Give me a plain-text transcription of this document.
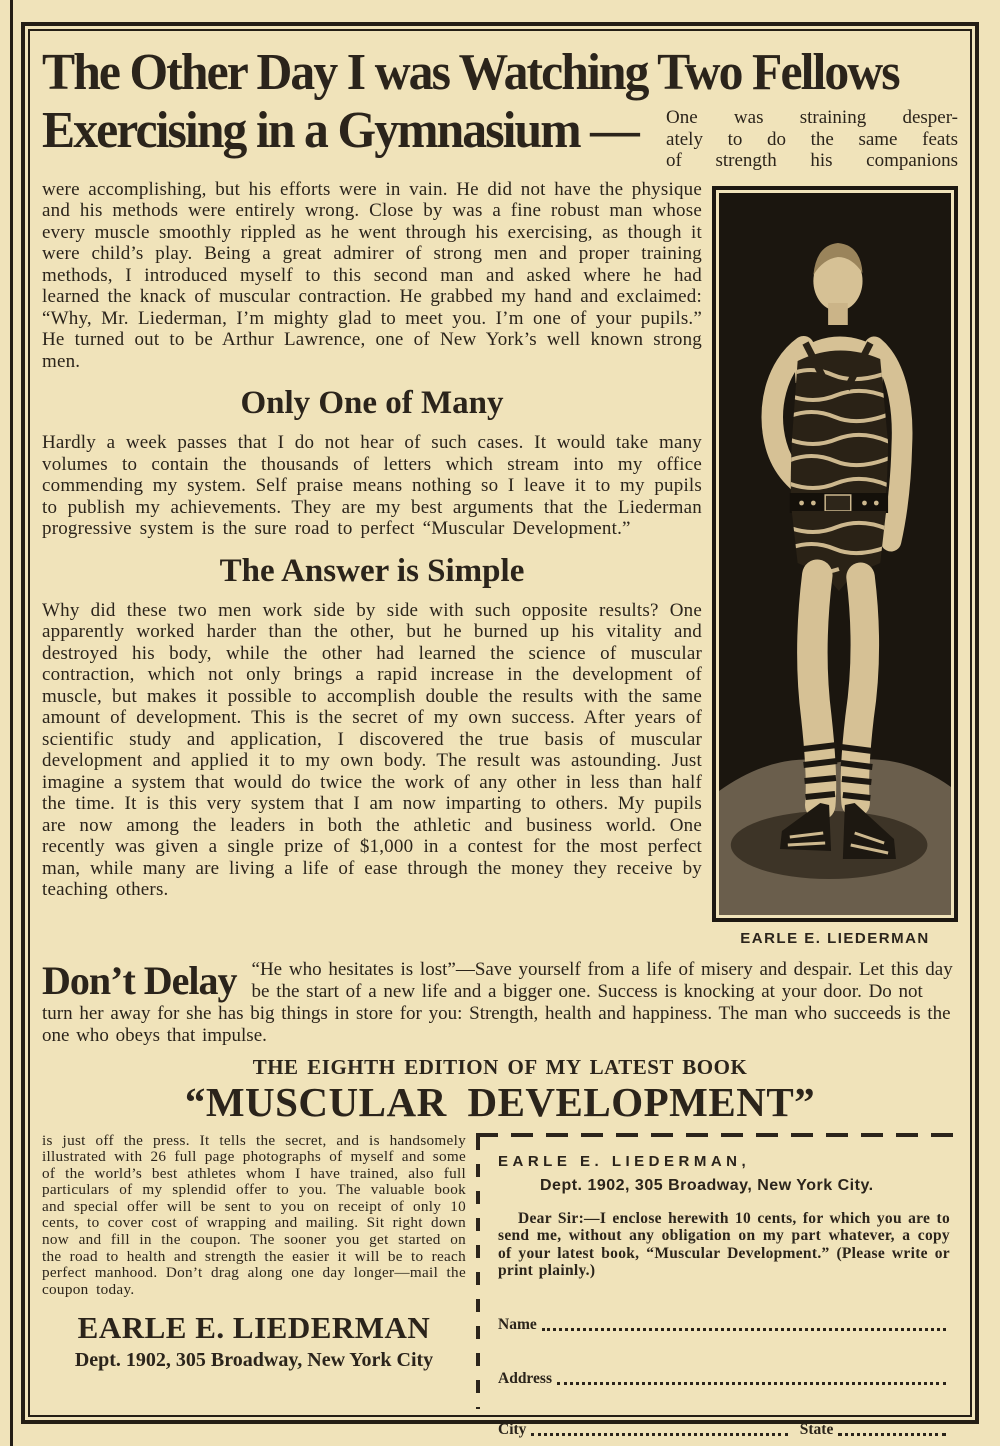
The Other Day I was Watching Two Fellows
Exercising in a Gymnasium — One was straining desper-
ately to do the same feats
of strength his companions

were accomplishing, but his efforts were in vain. He did not have the physique and his methods were entirely wrong. Close by was a fine robust man whose every muscle smoothly rippled as he went through his exercising, as though it were child’s play. Being a great admirer of strong men and proper training methods, I introduced myself to this second man and asked where he had learned the knack of muscular contraction. He grabbed my hand and exclaimed: “Why, Mr. Liederman, I’m mighty glad to meet you. I’m one of your pupils.” He turned out to be Arthur Lawrence, one of New York’s well known strong men.

Only One of Many

Hardly a week passes that I do not hear of such cases. It would take many volumes to contain the thousands of letters which stream into my office commending my system. Self praise means nothing so I leave it to my pupils to publish my achievements. They are my best arguments that the Liederman progressive system is the sure road to perfect “Muscular Development.”

The Answer is Simple

Why did these two men work side by side with such opposite results? One apparently worked harder than the other, but he burned up his vitality and destroyed his body, while the other had learned the science of muscular contraction, which not only brings a rapid increase in the development of muscle, but makes it possible to accomplish double the results with the same amount of development. This is the secret of my own success. After years of scientific study and application, I discovered the true basis of muscular development and applied it to my own body. The result was astounding. Just imagine a system that would do twice the work of any other in less than half the time. It is this very system that I am now imparting to others. My pupils are now among the leaders in both the athletic and business world. One recently was given a single prize of $1,000 in a contest for the most perfect man, while many are living a life of ease through the money they receive by teaching others.

EARLE E. LIEDERMAN
Don’t Delay “He who hesitates is lost”—Save yourself from a life of misery and despair. Let this day be the start of a new life and a bigger one. Success is knocking at your door. Do not turn her away for she has big things in store for you: Strength, health and happiness. The man who succeeds is the one who obeys that impulse.
THE EIGHTH EDITION OF MY LATEST BOOK
“MUSCULAR DEVELOPMENT”

is just off the press. It tells the secret, and is handsomely illustrated with 26 full page photographs of myself and some of the world’s best athletes whom I have trained, also full particulars of my splendid offer to you. The valuable book and special offer will be sent to you on receipt of only 10 cents, to cover cost of wrapping and mailing. Sit right down now and fill in the coupon. The sooner you get started on the road to health and strength the easier it will be to reach perfect manhood. Don’t drag along one day longer—mail the coupon today.

EARLE E. LIEDERMAN
Dept. 1902, 305 Broadway, New York City
EARLE E. LIEDERMAN,
Dept. 1902, 305 Broadway, New York City.

Dear Sir:—I enclose herewith 10 cents, for which you are to send me, without any obligation on my part whatever, a copy of your latest book, “Muscular Development.” (Please write or print plainly.)

Name
Address
City	State
